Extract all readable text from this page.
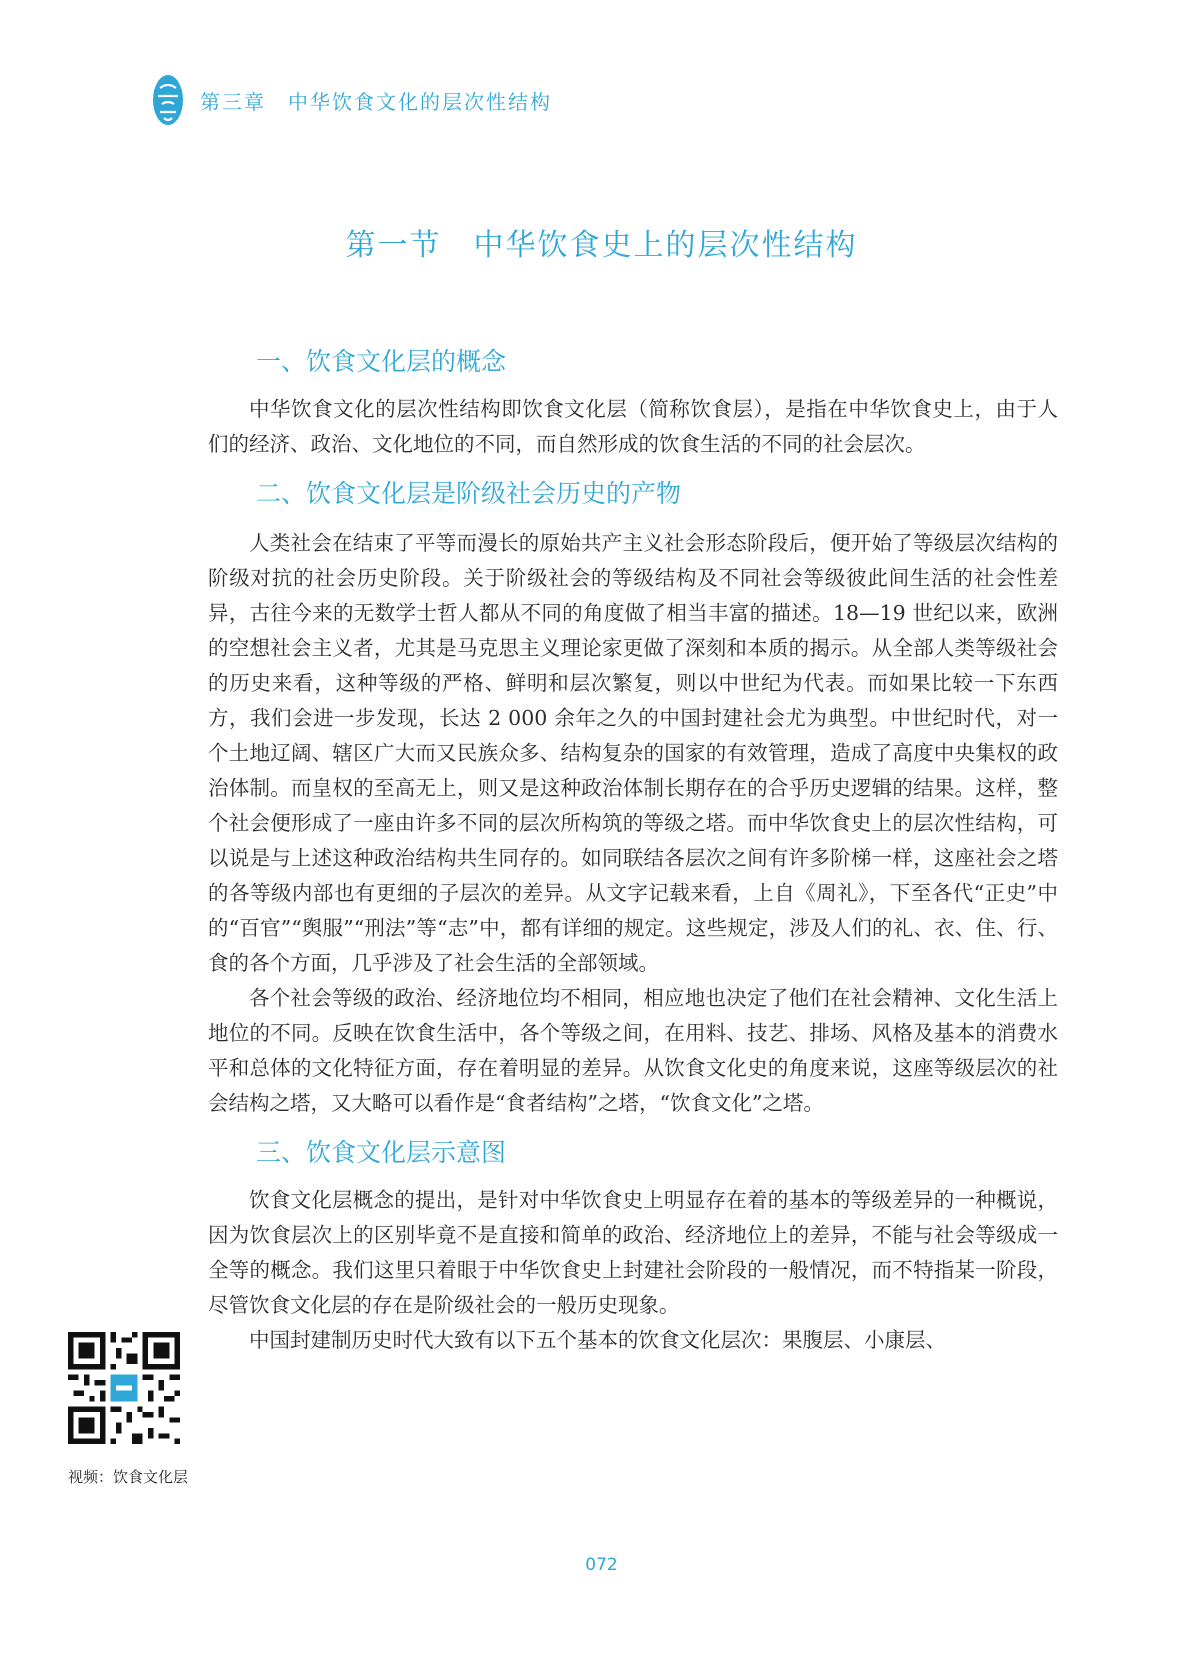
第三章　中华饮食文化的层次性结构
第一节　中华饮食史上的层次性结构
一、饮食文化层的概念

中华饮食文化的层次性结构即饮食文化层（简称饮食层），是指在中华饮食史上，由于人们的经济、政治、文化地位的不同，而自然形成的饮食生活的不同的社会层次。

二、饮食文化层是阶级社会历史的产物

人类社会在结束了平等而漫长的原始共产主义社会形态阶段后，便开始了等级层次结构的阶级对抗的社会历史阶段。关于阶级社会的等级结构及不同社会等级彼此间生活的社会性差异，古往今来的无数学士哲人都从不同的角度做了相当丰富的描述。18—19 世纪以来，欧洲的空想社会主义者，尤其是马克思主义理论家更做了深刻和本质的揭示。从全部人类等级社会的历史来看，这种等级的严格、鲜明和层次繁复，则以中世纪为代表。而如果比较一下东西方，我们会进一步发现，长达 2 000 余年之久的中国封建社会尤为典型。中世纪时代，对一个土地辽阔、辖区广大而又民族众多、结构复杂的国家的有效管理，造成了高度中央集权的政治体制。而皇权的至高无上，则又是这种政治体制长期存在的合乎历史逻辑的结果。这样，整个社会便形成了一座由许多不同的层次所构筑的等级之塔。而中华饮食史上的层次性结构，可以说是与上述这种政治结构共生同存的。如同联结各层次之间有许多阶梯一样，这座社会之塔的各等级内部也有更细的子层次的差异。从文字记载来看，上自《周礼》，下至各代“正史”中的“百官”“舆服”“刑法”等“志”中，都有详细的规定。这些规定，涉及人们的礼、衣、住、行、食的各个方面，几乎涉及了社会生活的全部领域。

各个社会等级的政治、经济地位均不相同，相应地也决定了他们在社会精神、文化生活上地位的不同。反映在饮食生活中，各个等级之间，在用料、技艺、排场、风格及基本的消费水平和总体的文化特征方面，存在着明显的差异。从饮食文化史的角度来说，这座等级层次的社会结构之塔，又大略可以看作是“食者结构”之塔，“饮食文化”之塔。

三、饮食文化层示意图

饮食文化层概念的提出，是针对中华饮食史上明显存在着的基本的等级差异的一种概说，因为饮食层次上的区别毕竟不是直接和简单的政治、经济地位上的差异，不能与社会等级成一全等的概念。我们这里只着眼于中华饮食史上封建社会阶段的一般情况，而不特指某一阶段，尽管饮食文化层的存在是阶级社会的一般历史现象。

中国封建制历史时代大致有以下五个基本的饮食文化层次：果腹层、小康层、

视频：饮食文化层
072
